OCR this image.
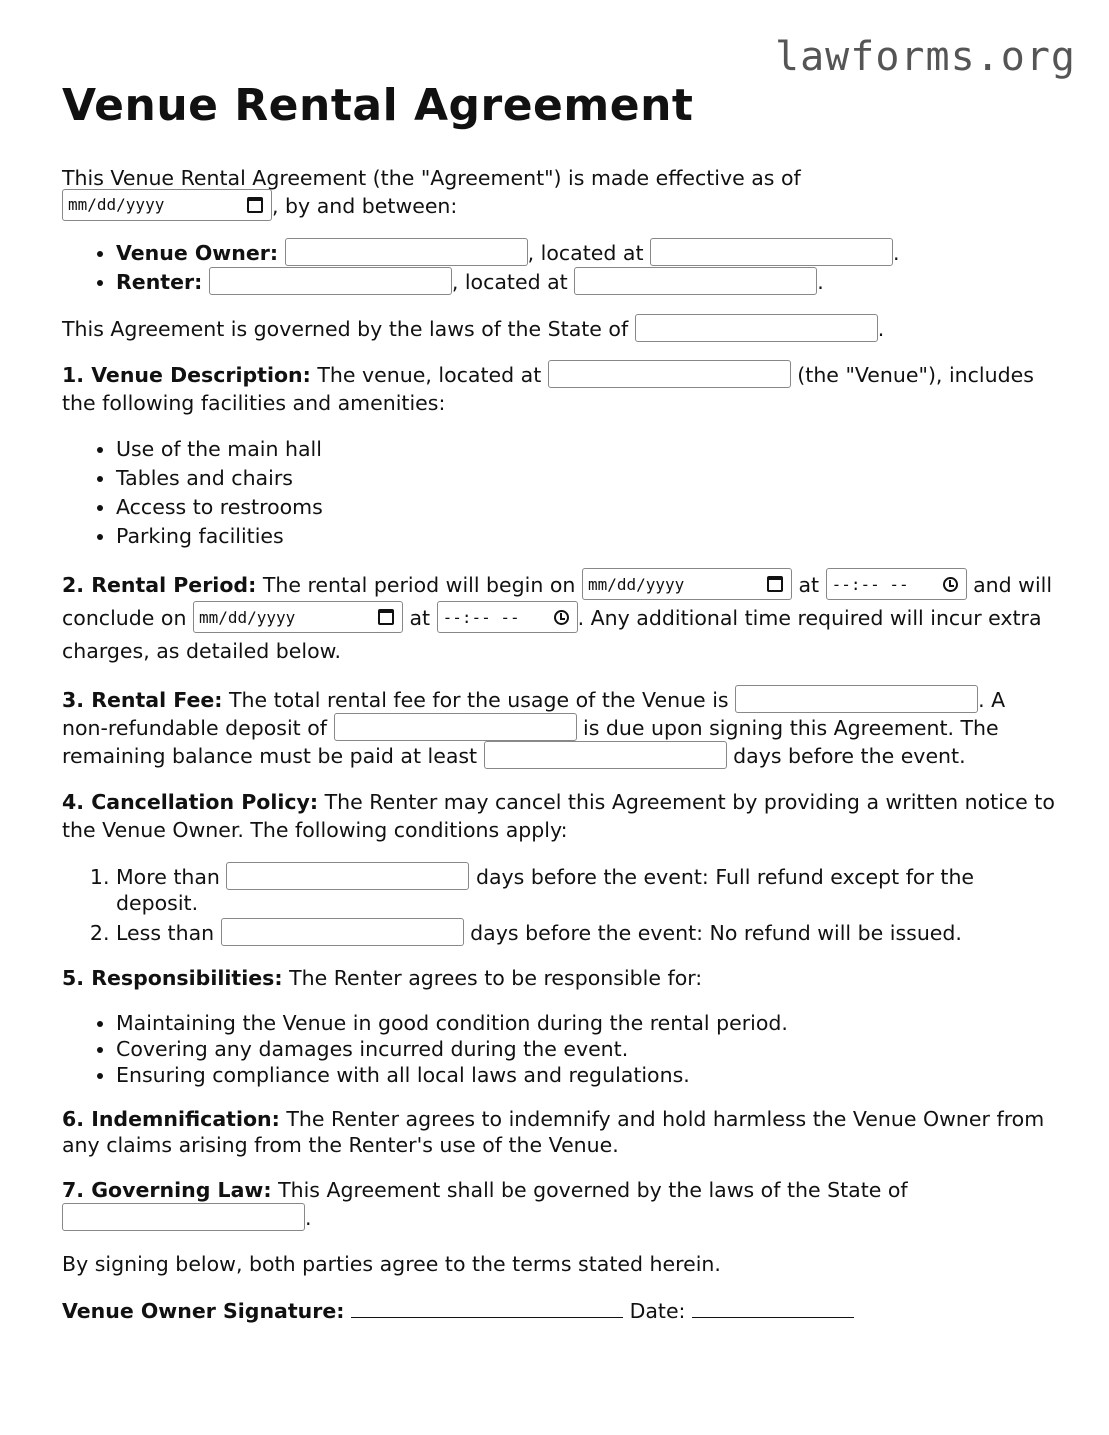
lawforms.org
Venue Rental Agreement

This Venue Rental Agreement (the "Agreement") is made effective as of

mm/dd/yyyy	, by and between:

• Venue Owner:	, located at	.
• Renter:	, located at	.

This Agreement is governed by the laws of the State of	.

1. Venue Description: The venue, located at	(the "Venue"), includes the following facilities and amenities:

• Use of the main hall
• Tables and chairs
• Access to restrooms
• Parking facilities

2. Rental Period: The rental period will begin on mm/dd/yyyy	at --:-- --	and will conclude on mm/dd/yyyy	at --:-- --	. Any additional time required will incur extra charges, as detailed below.

3. Rental Fee: The total rental fee for the usage of the Venue is	. A non-refundable deposit of	is due upon signing this Agreement. The remaining balance must be paid at least	days before the event.

4. Cancellation Policy: The Renter may cancel this Agreement by providing a written notice to the Venue Owner. The following conditions apply:

1. More than	days before the event: Full refund except for the deposit.
2. Less than	days before the event: No refund will be issued.

5. Responsibilities: The Renter agrees to be responsible for:

• Maintaining the Venue in good condition during the rental period.
• Covering any damages incurred during the event.
• Ensuring compliance with all local laws and regulations.

6. Indemnification: The Renter agrees to indemnify and hold harmless the Venue Owner from any claims arising from the Renter's use of the Venue.

7. Governing Law: This Agreement shall be governed by the laws of the State of
.

By signing below, both parties agree to the terms stated herein.

Venue Owner Signature:	Date:
